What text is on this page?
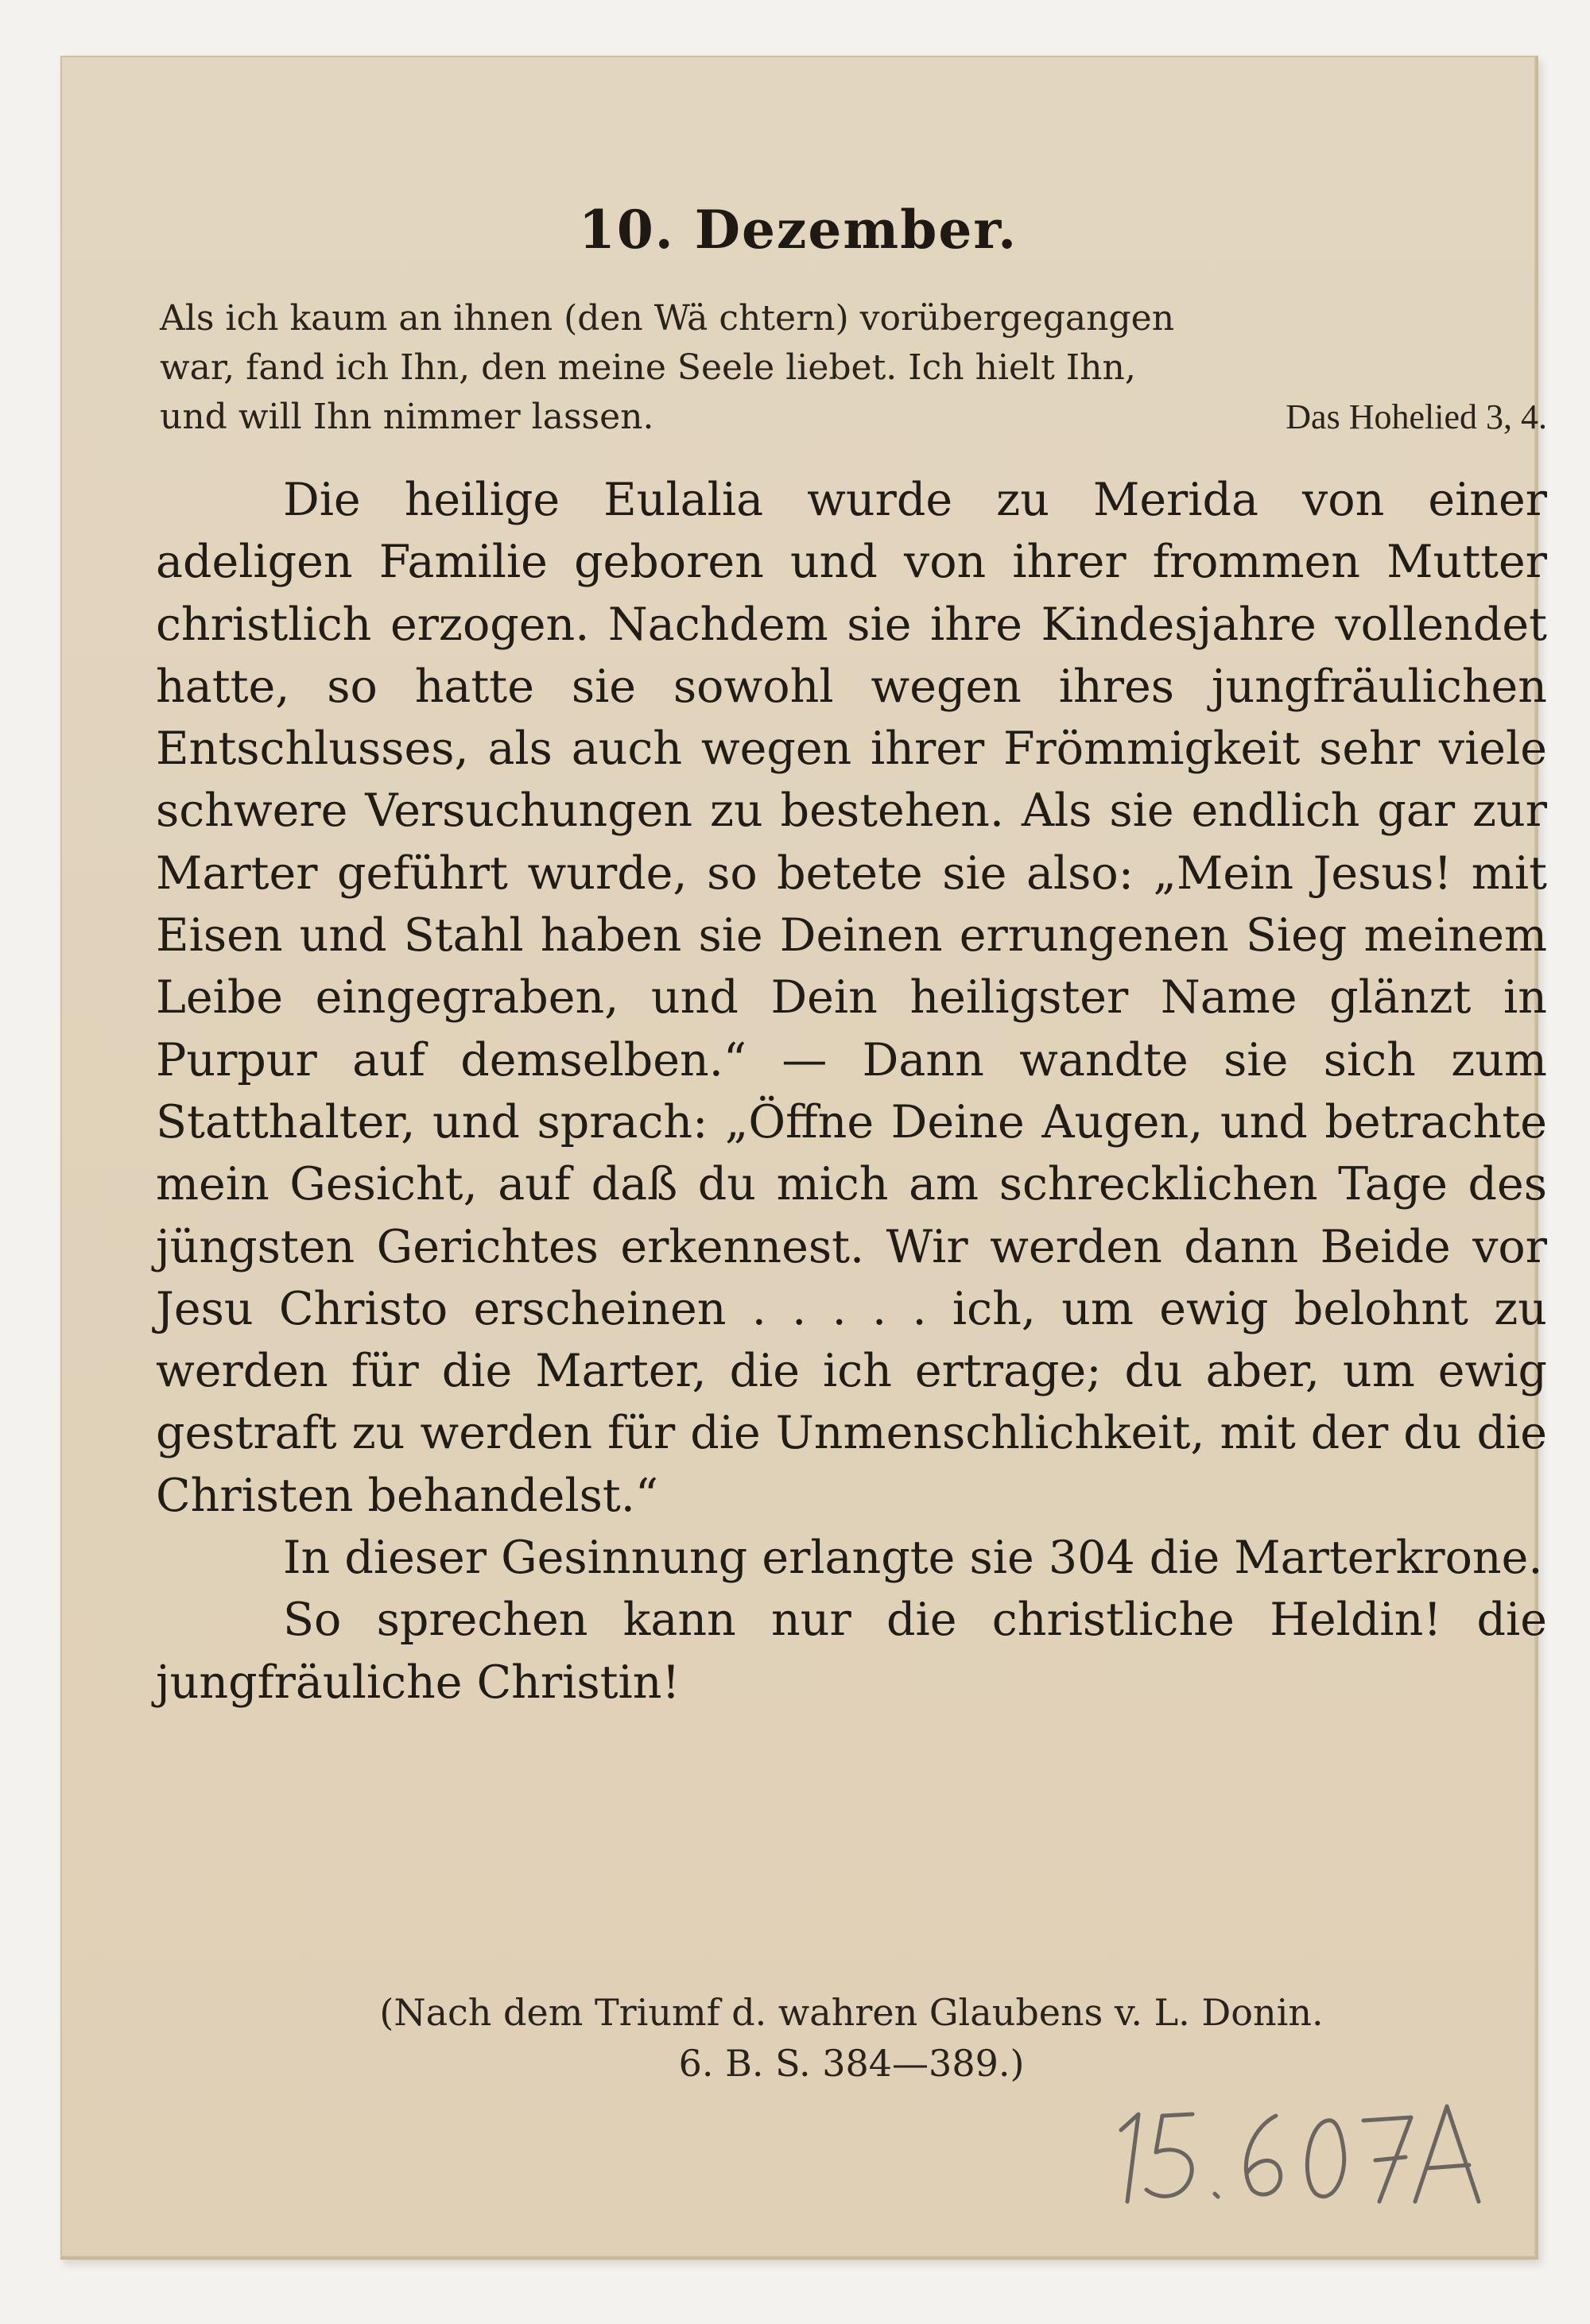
10. Dezember.

Als ich kaum an ihnen (den Wä chtern) vorübergegangen

war, fand ich Ihn, den meine Seele liebet. Ich hielt Ihn,

und will Ihn nimmer lassen.	Das Hohelied 3, 4.

Die heilige Eulalia wurde zu Merida von einer adeligen Familie geboren und von ihrer frommen Mutter christlich erzogen. Nachdem sie ihre Kindesjahre vollendet hatte, so hatte sie sowohl wegen ihres jungfräulichen Entschlusses, als auch wegen ihrer Frömmigkeit sehr viele schwere Versuchungen zu bestehen. Als sie endlich gar zur Marter geführt wurde, so betete sie also: „Mein Jesus! mit Eisen und Stahl haben sie Deinen errungenen Sieg meinem Leibe eingegraben, und Dein heiligster Name glänzt in Purpur auf demselben.“ — Dann wandte sie sich zum Statthalter, und sprach: „Öffne Deine Augen, und betrachte mein Gesicht, auf daß du mich am schrecklichen Tage des jüngsten Gerichtes erkennest. Wir werden dann Beide vor Jesu Christo erscheinen . . . . . ich, um ewig belohnt zu werden für die Marter, die ich ertrage; du aber, um ewig gestraft zu werden für die Unmenschlichkeit, mit der du die Christen behandelst.“

In dieser Gesinnung erlangte sie 304 die Marterkrone.

So sprechen kann nur die christliche Heldin! die jungfräuliche Christin!

(Nach dem Triumf d. wahren Glaubens v. L. Donin.
6. B. S. 384—389.)	15.607A
